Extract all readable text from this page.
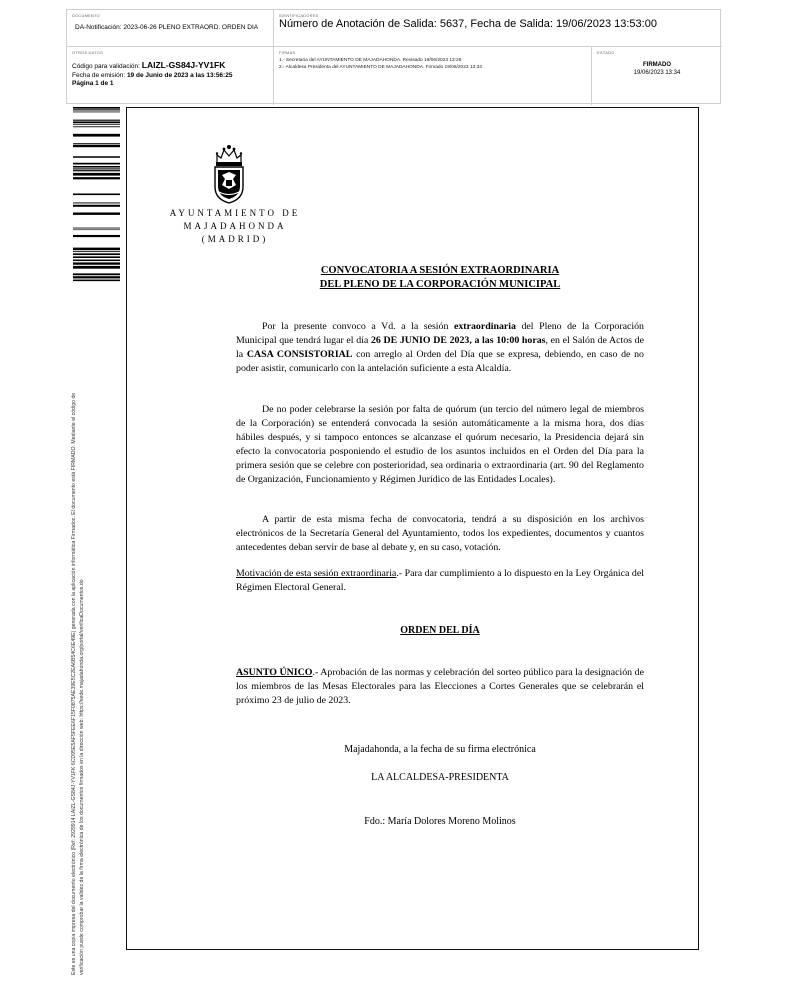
DOCUMENTO
DA-Notificación: 2023-06-26 PLENO EXTRAORD. ORDEN DIA
IDENTIFICADORES
Número de Anotación de Salida: 5637, Fecha de Salida: 19/06/2023 13:53:00
OTROS DATOS
Código para validación: LAIZL-GS84J-YV1FK
Fecha de emisión: 19 de Junio de 2023 a las 13:56:25
Página 1 de 1
FIRMAS
1.- Secretaria del AYUNTAMIENTO DE MAJADAHONDA. Revisado 19/06/2023 13:28
2.- Alcaldesa Presidenta del AYUNTAMIENTO DE MAJADAHONDA. Firmado 19/06/2023 13:34
ESTADO
FIRMADO
19/06/2023 13:34
Este es una copia impresa del documento electrónico (Ref: 2929914 LAIZL-GS84J-YV1FK 6CD95E5AF5FEE6F15F0875AE39E5C2EA6B54C6E49E) generada con la aplicación informática Firmadoc. El documento está FIRMADO. Mediante el código de verificación puede comprobar la validez de la firma electrónica de los documentos firmados en la dirección web: https://sede.majadahonda.org/portal/verificaDocumentos.do
AYUNTAMIENTO DE
MAJADAHONDA
(MADRID)
CONVOCATORIA A SESIÓN EXTRAORDINARIA
DEL PLENO DE LA CORPORACIÓN MUNICIPAL
Por la presente convoco a Vd. a la sesión extraordinaria del Pleno de la Corporación Municipal que tendrá lugar el día 26 DE JUNIO DE 2023, a las 10:00 horas, en el Salón de Actos de la CASA CONSISTORIAL con arreglo al Orden del Día que se expresa, debiendo, en caso de no poder asistir, comunicarlo con la antelación suficiente a esta Alcaldía.
De no poder celebrarse la sesión por falta de quórum (un tercio del número legal de miembros de la Corporación) se entenderá convocada la sesión automáticamente a la misma hora, dos días hábiles después, y si tampoco entonces se alcanzase el quórum necesario, la Presidencia dejará sin efecto la convocatoria posponiendo el estudio de los asuntos incluidos en el Orden del Día para la primera sesión que se celebre con posterioridad, sea ordinaria o extraordinaria (art. 90 del Reglamento de Organización, Funcionamiento y Régimen Jurídico de las Entidades Locales).
A partir de esta misma fecha de convocatoria, tendrá a su disposición en los archivos electrónicos de la Secretaría General del Ayuntamiento, todos los expedientes, documentos y cuantos antecedentes deban servir de base al debate y, en su caso, votación.
Motivación de esta sesión extraordinaria.- Para dar cumplimiento a lo dispuesto en la Ley Orgánica del Régimen Electoral General.
ORDEN DEL DÍA
ASUNTO ÚNICO.- Aprobación de las normas y celebración del sorteo público para la designación de los miembros de las Mesas Electorales para las Elecciones a Cortes Generales que se celebrarán el próximo 23 de julio de 2023.
Majadahonda, a la fecha de su firma electrónica
LA ALCALDESA-PRESIDENTA
Fdo.: María Dolores Moreno Molinos
